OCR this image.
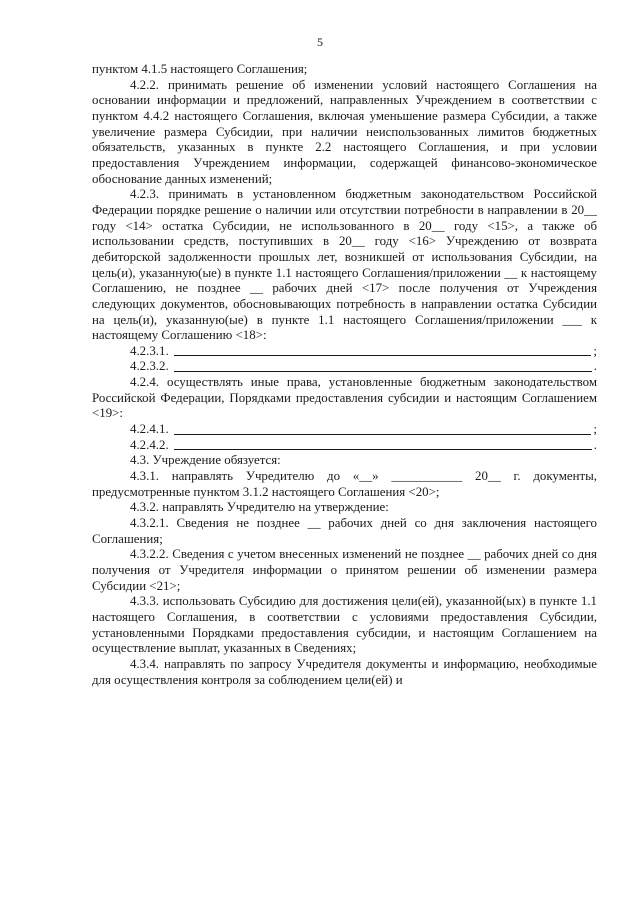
5

пунктом 4.1.5 настоящего Соглашения;

4.2.2. принимать решение об изменении условий настоящего Соглашения на основании информации и предложений, направленных Учреждением в соответствии с пунктом 4.4.2 настоящего Соглашения, включая уменьшение размера Субсидии, а также увеличение размера Субсидии, при наличии неиспользованных лимитов бюджетных обязательств, указанных в пункте 2.2 настоящего Соглашения, и при условии предоставления Учреждением информации, содержащей финансово-экономическое обоснование данных изменений;

4.2.3. принимать в установленном бюджетным законодательством Российской Федерации порядке решение о наличии или отсутствии потребности в направлении в 20__ году <14> остатка Субсидии, не использованного в 20__ году <15>, а также об использовании средств, поступивших в 20__ году <16> Учреждению от возврата дебиторской задолженности прошлых лет, возникшей от использования Субсидии, на цель(и), указанную(ые) в пункте 1.1 настоящего Соглашения/приложении __ к настоящему Соглашению, не позднее __ рабочих дней <17> после получения от Учреждения следующих документов, обосновывающих потребность в направлении остатка Субсидии на цель(и), указанную(ые) в пункте 1.1 настоящего Соглашения/приложении ___ к настоящему Соглашению <18>:

4.2.3.1.	;
4.2.3.2.	.

4.2.4. осуществлять иные права, установленные бюджетным законодательством Российской Федерации, Порядками предоставления субсидии и настоящим Соглашением <19>:

4.2.4.1.	;
4.2.4.2.	.

4.3. Учреждение обязуется:

4.3.1. направлять Учредителю до «__» ___________ 20__ г. документы, предусмотренные пунктом 3.1.2 настоящего Соглашения <20>;

4.3.2. направлять Учредителю на утверждение:

4.3.2.1. Сведения не позднее __ рабочих дней со дня заключения настоящего Соглашения;

4.3.2.2. Сведения с учетом внесенных изменений не позднее __ рабочих дней со дня получения от Учредителя информации о принятом решении об изменении размера Субсидии <21>;

4.3.3. использовать Субсидию для достижения цели(ей), указанной(ых) в пункте 1.1 настоящего Соглашения, в соответствии с условиями предоставления Субсидии, установленными Порядками предоставления субсидии, и настоящим Соглашением на осуществление выплат, указанных в Сведениях;

4.3.4. направлять по запросу Учредителя документы и информацию, необходимые для осуществления контроля за соблюдением цели(ей) и
